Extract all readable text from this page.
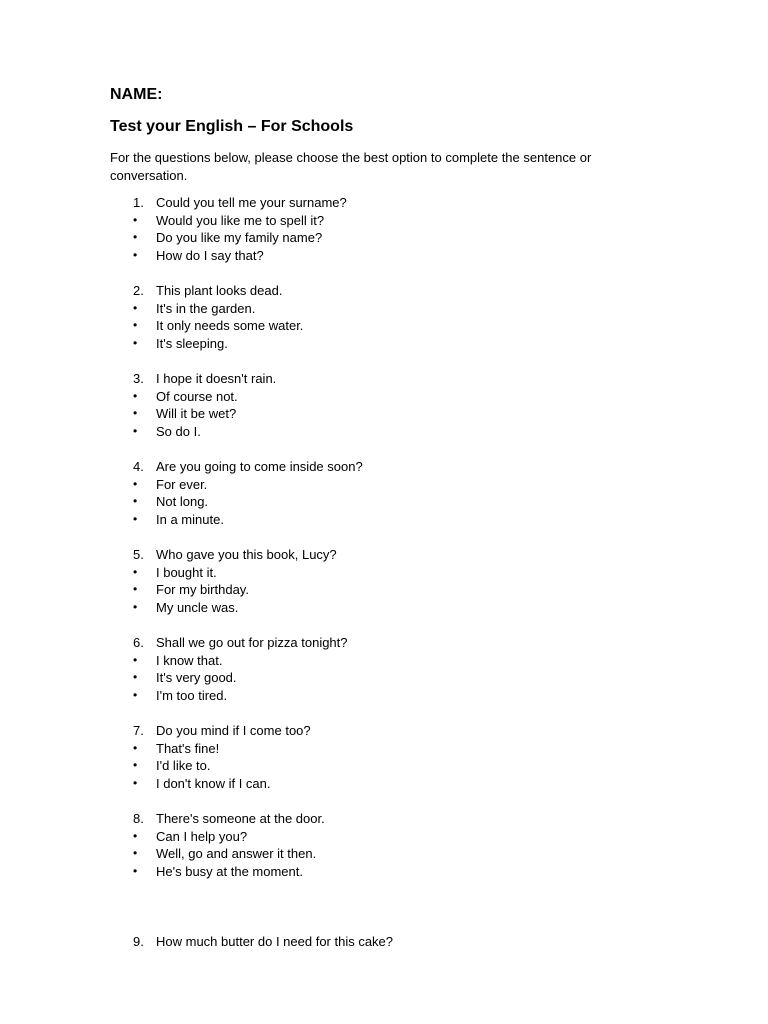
NAME:
Test your English – For Schools
For the questions below, please choose the best option to complete the sentence or conversation.
1. Could you tell me your surname?
• Would you like me to spell it?
• Do you like my family name?
• How do I say that?
2. This plant looks dead.
• It's in the garden.
• It only needs some water.
• It's sleeping.
3. I hope it doesn't rain.
• Of course not.
• Will it be wet?
• So do I.
4. Are you going to come inside soon?
• For ever.
• Not long.
• In a minute.
5. Who gave you this book, Lucy?
• I bought it.
• For my birthday.
• My uncle was.
6. Shall we go out for pizza tonight?
• I know that.
• It's very good.
• I'm too tired.
7. Do you mind if I come too?
• That's fine!
• I'd like to.
• I don't know if I can.
8. There's someone at the door.
• Can I help you?
• Well, go and answer it then.
• He's busy at the moment.
9. How much butter do I need for this cake?
